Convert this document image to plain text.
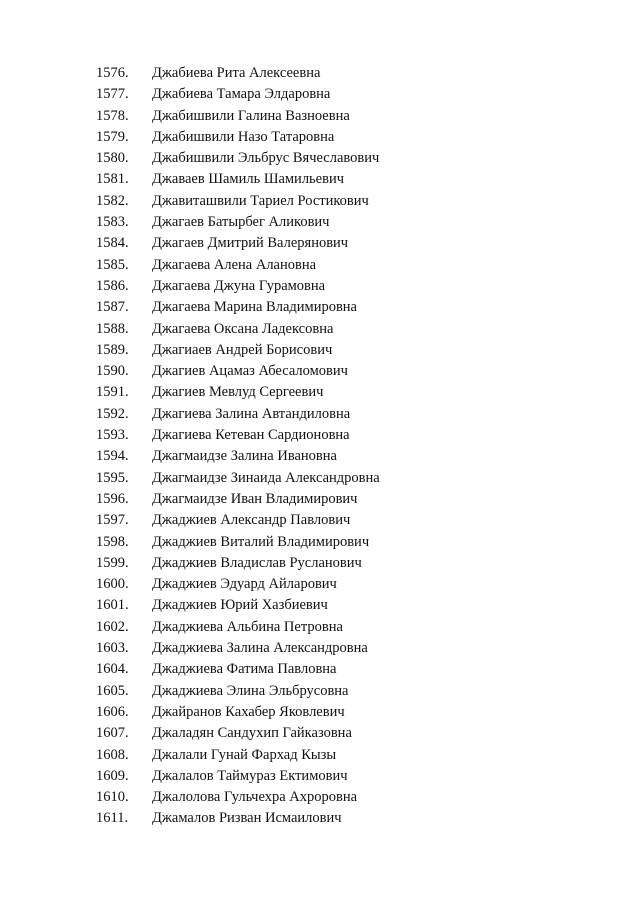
1576. Джабиева Рита Алексеевна
1577. Джабиева Тамара Элдаровна
1578. Джабишвили Галина Вазноевна
1579. Джабишвили Назо Татаровна
1580. Джабишвили Эльбрус Вячеславович
1581. Джаваев Шамиль Шамильевич
1582. Джавиташвили Тариел Ростикович
1583. Джагаев Батырбег Аликович
1584. Джагаев Дмитрий Валерянович
1585. Джагаева Алена Алановна
1586. Джагаева Джуна Гурамовна
1587. Джагаева Марина Владимировна
1588. Джагаева Оксана Ладексовна
1589. Джагиаев Андрей Борисович
1590. Джагиев Ацамаз Абесаломович
1591. Джагиев Мевлуд Сергеевич
1592. Джагиева Залина Автандиловна
1593. Джагиева Кетеван Сардионовна
1594. Джагмаидзе Залина Ивановна
1595. Джагмаидзе Зинаида Александровна
1596. Джагмаидзе Иван Владимирович
1597. Джаджиев Александр Павлович
1598. Джаджиев Виталий Владимирович
1599. Джаджиев Владислав Русланович
1600. Джаджиев Эдуард Айларович
1601. Джаджиев Юрий Хазбиевич
1602. Джаджиева Альбина Петровна
1603. Джаджиева Залина Александровна
1604. Джаджиева Фатима Павловна
1605. Джаджиева Элина Эльбрусовна
1606. Джайранов Кахабер Яковлевич
1607. Джаладян Сандухип Гайказовна
1608. Джалали Гунай Фархад Кызы
1609. Джалалов Таймураз Ектимович
1610. Джалолова Гульчехра Ахроровна
1611. Джамалов Ризван Исмаилович
